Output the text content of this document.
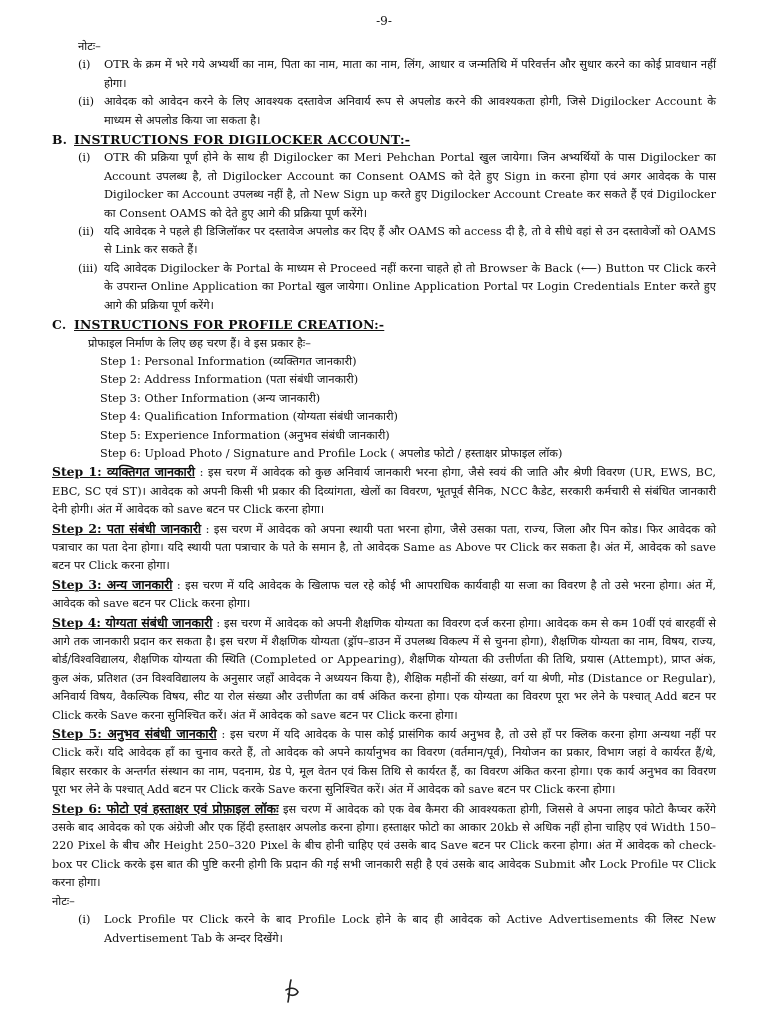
-9-
नोटः–
(i)	OTR के क्रम में भरे गये अभ्यर्थी का नाम, पिता का नाम, माता का नाम, लिंग, आधार व जन्मतिथि में परिवर्त्तन और सुधार करने का कोई प्रावधान नहीं होगा।
(ii) आवेदक को आवेदन करने के लिए आवश्यक दस्तावेज अनिवार्य रूप से अपलोड करने की आवश्यकता होगी, जिसे Digilocker Account के माध्यम से अपलोड किया जा सकता है।
B. INSTRUCTIONS FOR DIGILOCKER ACCOUNT:-
(i)	OTR की प्रक्रिया पूर्ण होने के साथ ही Digilocker का Meri Pehchan Portal खुल जायेगा। जिन अभ्यर्थियों के पास Digilocker का Account उपलब्ध है, तो Digilocker Account का Consent OAMS को देते हुए Sign in करना होगा एवं अगर आवेदक के पास Digilocker का Account उपलब्ध नहीं है, तो New Sign up करते हुए Digilocker Account Create कर सकते हैं एवं Digilocker का Consent OAMS को देते हुए आगे की प्रक्रिया पूर्ण करेंगे।
(ii) यदि आवेदक ने पहले ही डिजिलॉकर पर दस्तावेज अपलोड कर दिए हैं और OAMS को access दी है, तो वे सीधे वहां से उन दस्तावेजों को OAMS से Link कर सकते हैं।
(iii) यदि आवेदक Digilocker के Portal के माध्यम से Proceed नहीं करना चाहते हो तो Browser के Back (⟵) Button पर Click करने के उपरान्त Online Application का Portal खुल जायेगा। Online Application Portal पर Login Credentials Enter करते हुए आगे की प्रक्रिया पूर्ण करेंगे।
C. INSTRUCTIONS FOR PROFILE CREATION:-
प्रोफाइल निर्माण के लिए छह चरण हैं। वे इस प्रकार हैः–
Step 1: Personal Information (व्यक्तिगत जानकारी)
Step 2: Address Information (पता संबंधी जानकारी)
Step 3: Other Information (अन्य जानकारी)
Step 4: Qualification Information (योग्यता संबंधी जानकारी)
Step 5: Experience Information (अनुभव संबंधी जानकारी)
Step 6: Upload Photo / Signature and Profile Lock ( अपलोड फोटो / हस्ताक्षर प्रोफाइल लॉक)
Step 1: व्यक्तिगत जानकारी : इस चरण में आवेदक को कुछ अनिवार्य जानकारी भरना होगा, जैसे स्वयं की जाति और श्रेणी विवरण (UR, EWS, BC, EBC, SC एवं ST)। आवेदक को अपनी किसी भी प्रकार की दिव्यांगता, खेलों का विवरण, भूतपूर्व सैनिक, NCC कैडेट, सरकारी कर्मचारी से संबंधित जानकारी देनी होगी। अंत में आवेदक को save बटन पर Click करना होगा।
Step 2: पता संबंधी जानकारी : इस चरण में आवेदक को अपना स्थायी पता भरना होगा, जैसे उसका पता, राज्य, जिला और पिन कोड। फिर आवेदक को पत्राचार का पता देना होगा। यदि स्थायी पता पत्राचार के पते के समान है, तो आवेदक Same as Above पर Click कर सकता है। अंत में, आवेदक को save बटन पर Click करना होगा।
Step 3: अन्य जानकारी : इस चरण में यदि आवेदक के खिलाफ चल रहे कोई भी आपराधिक कार्यवाही या सजा का विवरण है तो उसे भरना होगा। अंत में, आवेदक को save बटन पर Click करना होगा।
Step 4: योग्यता संबंधी जानकारी : इस चरण में आवेदक को अपनी शैक्षणिक योग्यता का विवरण दर्ज करना होगा। आवेदक कम से कम 10वीं एवं बारहवीं से आगे तक जानकारी प्रदान कर सकता है। इस चरण में शैक्षणिक योग्यता (ड्रॉप–डाउन में उपलब्ध विकल्प में से चुनना होगा), शैक्षणिक योग्यता का नाम, विषय, राज्य, बोर्ड/विश्वविद्यालय, शैक्षणिक योग्यता की स्थिति (Completed or Appearing), शैक्षणिक योग्यता की उत्तीर्णता की तिथि, प्रयास (Attempt), प्राप्त अंक, कुल अंक, प्रतिशत (उन विश्वविद्यालय के अनुसार जहाँ आवेदक ने अध्ययन किया है), शैक्षिक महीनों की संख्या, वर्ग या श्रेणी, मोड (Distance or Regular), अनिवार्य विषय, वैकल्पिक विषय, सीट या रोल संख्या और उत्तीर्णता का वर्ष अंकित करना होगा। एक योग्यता का विवरण पूरा भर लेने के पश्चात् Add बटन पर Click करके Save करना सुनिश्चित करें। अंत में आवेदक को save बटन पर Click करना होगा।
Step 5: अनुभव संबंधी जानकारी : इस चरण में यदि आवेदक के पास कोई प्रासंगिक कार्य अनुभव है, तो उसे हाँ पर क्लिक करना होगा अन्यथा नहीं पर Click करें। यदि आवेदक हाँ का चुनाव करते हैं, तो आवेदक को अपने कार्यानुभव का विवरण (वर्तमान/पूर्व), नियोजन का प्रकार, विभाग जहां वे कार्यरत हैं/थे, बिहार सरकार के अन्तर्गत संस्थान का नाम, पदनाम, ग्रेड पे, मूल वेतन एवं किस तिथि से कार्यरत हैं, का विवरण अंकित करना होगा। एक कार्य अनुभव का विवरण पूरा भर लेने के पश्चात् Add बटन पर Click करके Save करना सुनिश्चित करें। अंत में आवेदक को save बटन पर Click करना होगा।
Step 6: फोटो एवं हस्ताक्षर एवं प्रोफ़ाइल लॉकः इस चरण में आवेदक को एक वेब कैमरा की आवश्यकता होगी, जिससे वे अपना लाइव फोटो कैप्चर करेंगे उसके बाद आवेदक को एक अंग्रेजी और एक हिंदी हस्ताक्षर अपलोड करना होगा। हस्ताक्षर फोटो का आकार 20kb से अधिक नहीं होना चाहिए एवं Width 150–220 Pixel के बीच और Height 250–320 Pixel के बीच होनी चाहिए एवं उसके बाद Save बटन पर Click करना होगा। अंत में आवेदक को check-box पर Click करके इस बात की पुष्टि करनी होगी कि प्रदान की गई सभी जानकारी सही है एवं उसके बाद आवेदक Submit और Lock Profile पर Click करना होगा।
नोटः–
(i)	Lock Profile पर Click करने के बाद Profile Lock होने के बाद ही आवेदक को Active Advertisements की लिस्ट New Advertisement Tab के अन्दर दिखेंगे।
